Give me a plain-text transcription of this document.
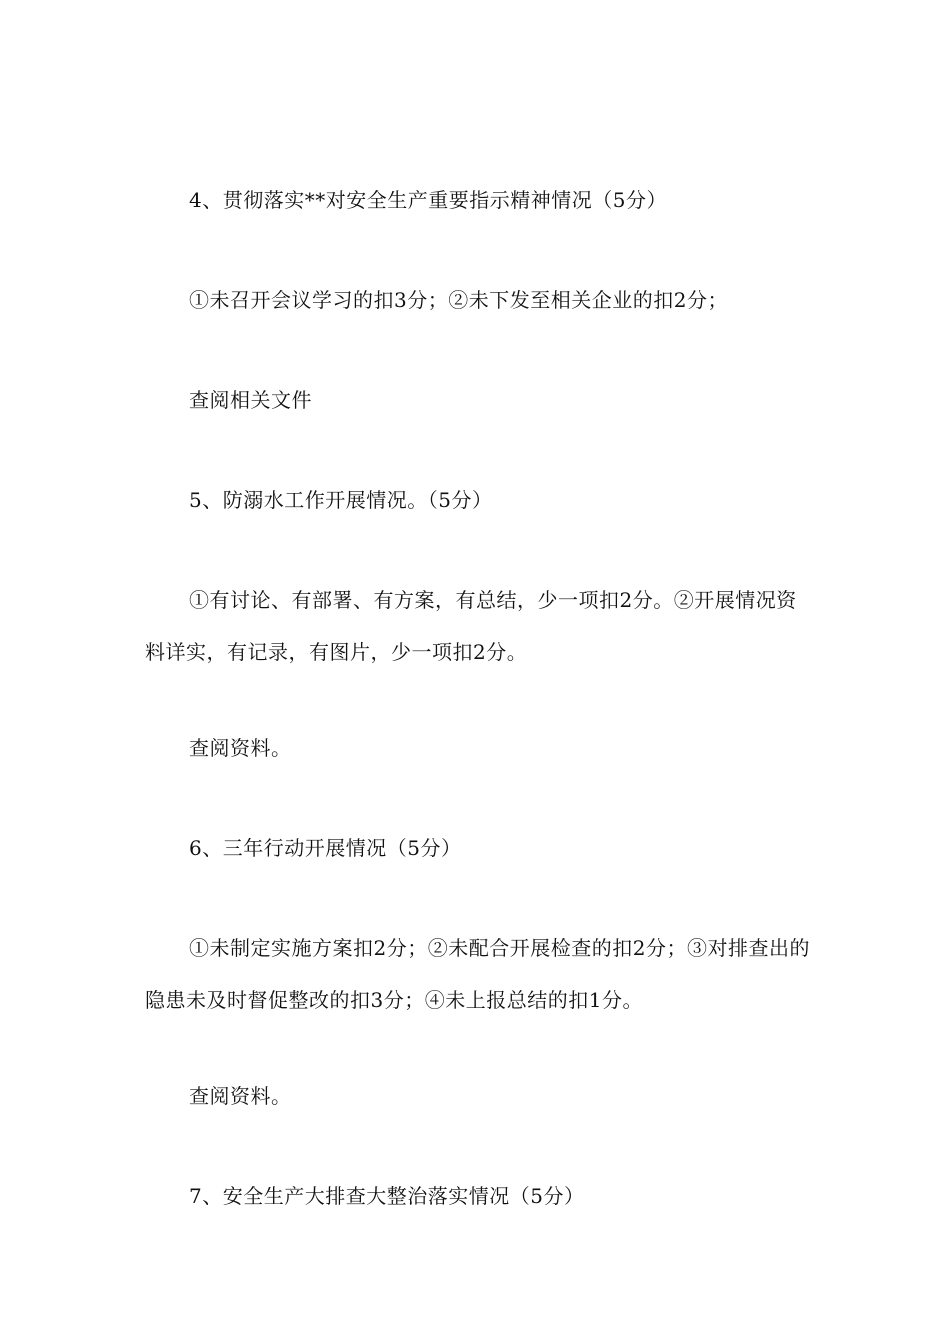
4、贯彻落实**对安全生产重要指示精神情况（5分）

①未召开会议学习的扣3分；②未下发至相关企业的扣2分；

查阅相关文件

5、防溺水工作开展情况。（5分）

①有讨论、有部署、有方案，有总结，少一项扣2分。②开展情况资料详实，有记录，有图片，少一项扣2分。

查阅资料。

6、三年行动开展情况（5分）

①未制定实施方案扣2分；②未配合开展检查的扣2分；③对排查出的隐患未及时督促整改的扣3分；④未上报总结的扣1分。

查阅资料。

7、安全生产大排查大整治落实情况（5分）
